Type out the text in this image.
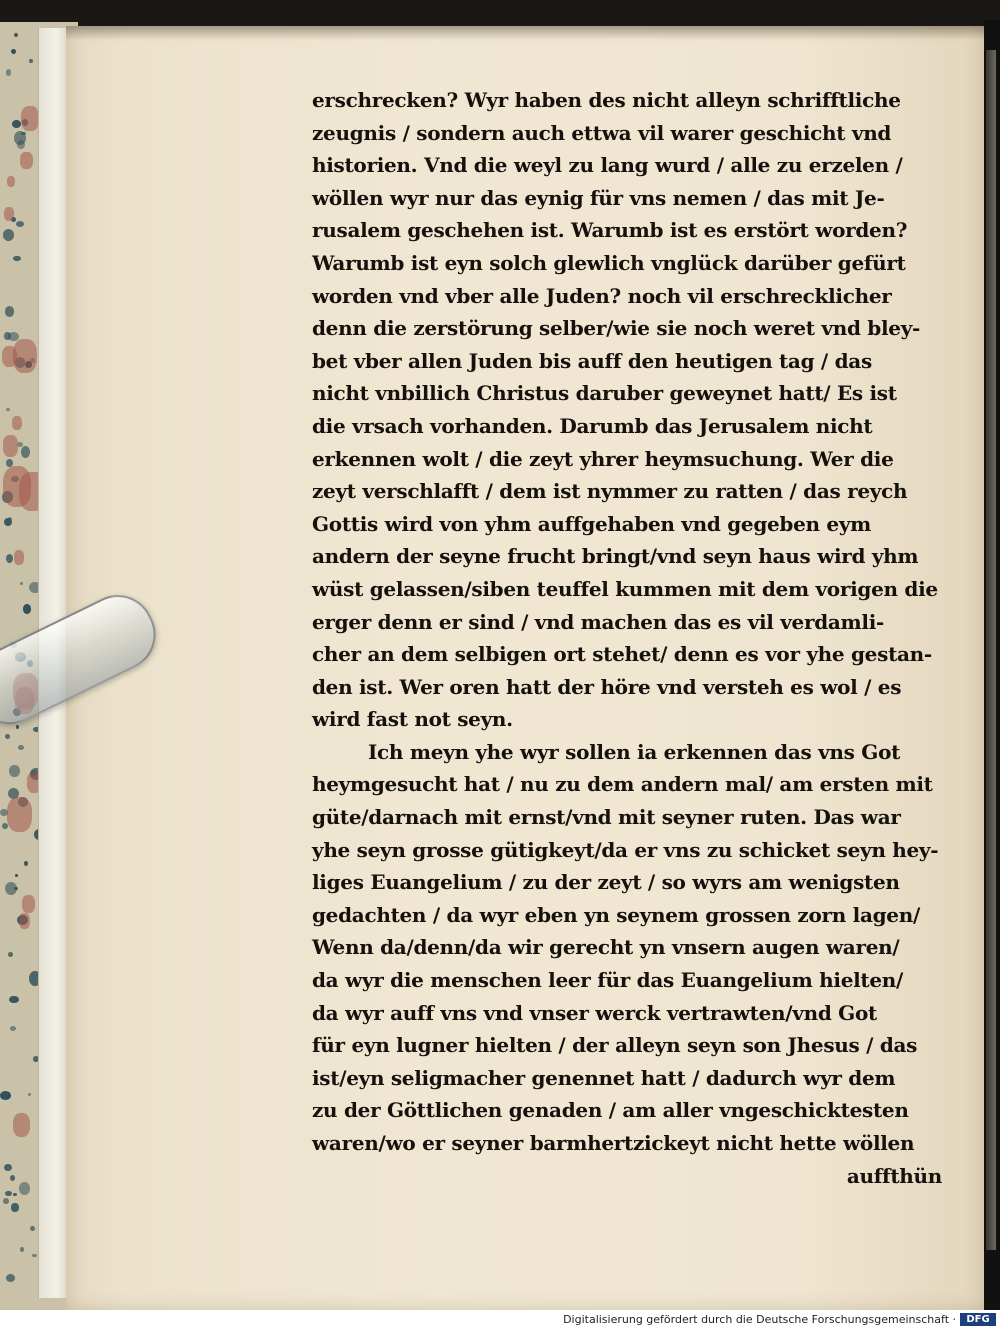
erschrecken? Wyr haben des nicht alleyn schrifftliche
zeugnis / sondern auch ettwa vil warer geschicht vnd
historien. Vnd die weyl zu lang wurd / alle zu erzelen /
wöllen wyr nur das eynig für vns nemen / das mit Je-
rusalem geschehen ist. Warumb ist es erstört worden?
Warumb ist eyn solch glewlich vnglück darüber gefürt
worden vnd vber alle Juden? noch vil erschrecklicher
denn die zerstörung selber/wie sie noch weret vnd bley-
bet vber allen Juden bis auff den heutigen tag / das
nicht vnbillich Christus daruber geweynet hatt/ Es ist
die vrsach vorhanden. Darumb das Jerusalem nicht
erkennen wolt / die zeyt yhrer heymsuchung. Wer die
zeyt verschlafft / dem ist nymmer zu ratten / das reych
Gottis wird von yhm auffgehaben vnd gegeben eym
andern der seyne frucht bringt/vnd seyn haus wird yhm
wüst gelassen/siben teuffel kummen mit dem vorigen die
erger denn er sind / vnd machen das es vil verdamli-
cher an dem selbigen ort stehet/ denn es vor yhe gestan-
den ist. Wer oren hatt der höre vnd versteh es wol / es
wird fast not seyn.
Ich meyn yhe wyr sollen ia erkennen das vns Got
heymgesucht hat / nu zu dem andern mal/ am ersten mit
güte/darnach mit ernst/vnd mit seyner ruten. Das war
yhe seyn grosse gütigkeyt/da er vns zu schicket seyn hey-
liges Euangelium / zu der zeyt / so wyrs am wenigsten
gedachten / da wyr eben yn seynem grossen zorn lagen/
Wenn da/denn/da wir gerecht yn vnsern augen waren/
da wyr die menschen leer für das Euangelium hielten/
da wyr auff vns vnd vnser werck vertrawten/vnd Got
für eyn lugner hielten / der alleyn seyn son Jhesus / das
ist/eyn seligmacher genennet hatt / dadurch wyr dem
zu der Göttlichen genaden / am aller vngeschicktesten
waren/wo er seyner barmhertzickeyt nicht hette wöllen
auffthün
Digitalisierung gefördert durch die Deutsche Forschungsgemeinschaft ·	DFG
